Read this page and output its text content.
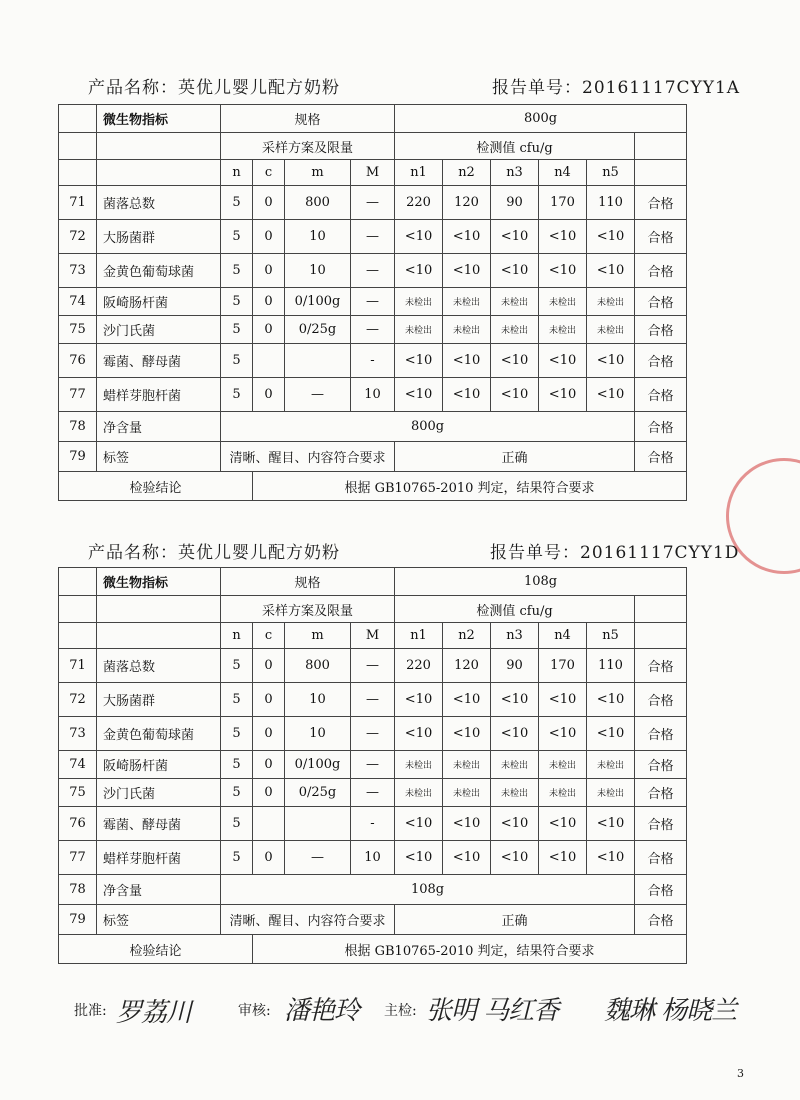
产品名称：英优儿婴儿配方奶粉	报告单号：20161117CYY1A
	微生物指标	规格				800g					
		采样方案及限量				检测值 cfu/g					
		n	c	m	M	n1	n2	n3	n4	n5	
71	菌落总数	5	0	800	—	220	120	90	170	110	合格
72	大肠菌群	5	0	10	—	<10	<10	<10	<10	<10	合格
73	金黄色葡萄球菌	5	0	10	—	<10	<10	<10	<10	<10	合格
74	阪崎肠杆菌	5	0	0/100g	—	未检出	未检出	未检出	未检出	未检出	合格
75	沙门氏菌	5	0	0/25g	—	未检出	未检出	未检出	未检出	未检出	合格
76	霉菌、酵母菌	5			-	<10	<10	<10	<10	<10	合格
77	蜡样芽胞杆菌	5	0	—	10	<10	<10	<10	<10	<10	合格
78	净含量	800g									合格
79	标签	清晰、醒目、内容符合要求				正确					合格
检验结论			根据 GB10765-2010 判定，结果符合要求								
产品名称：英优儿婴儿配方奶粉	报告单号：20161117CYY1D
	微生物指标	规格				108g					
		采样方案及限量				检测值 cfu/g					
		n	c	m	M	n1	n2	n3	n4	n5	
71	菌落总数	5	0	800	—	220	120	90	170	110	合格
72	大肠菌群	5	0	10	—	<10	<10	<10	<10	<10	合格
73	金黄色葡萄球菌	5	0	10	—	<10	<10	<10	<10	<10	合格
74	阪崎肠杆菌	5	0	0/100g	—	未检出	未检出	未检出	未检出	未检出	合格
75	沙门氏菌	5	0	0/25g	—	未检出	未检出	未检出	未检出	未检出	合格
76	霉菌、酵母菌	5			-	<10	<10	<10	<10	<10	合格
77	蜡样芽胞杆菌	5	0	—	10	<10	<10	<10	<10	<10	合格
78	净含量	108g									合格
79	标签	清晰、醒目、内容符合要求				正确					合格
检验结论			根据 GB10765-2010 判定，结果符合要求								
批准: 罗荔川	审核: 潘艳玲 主检: 张明 马红香 魏琳 杨晓兰
3
